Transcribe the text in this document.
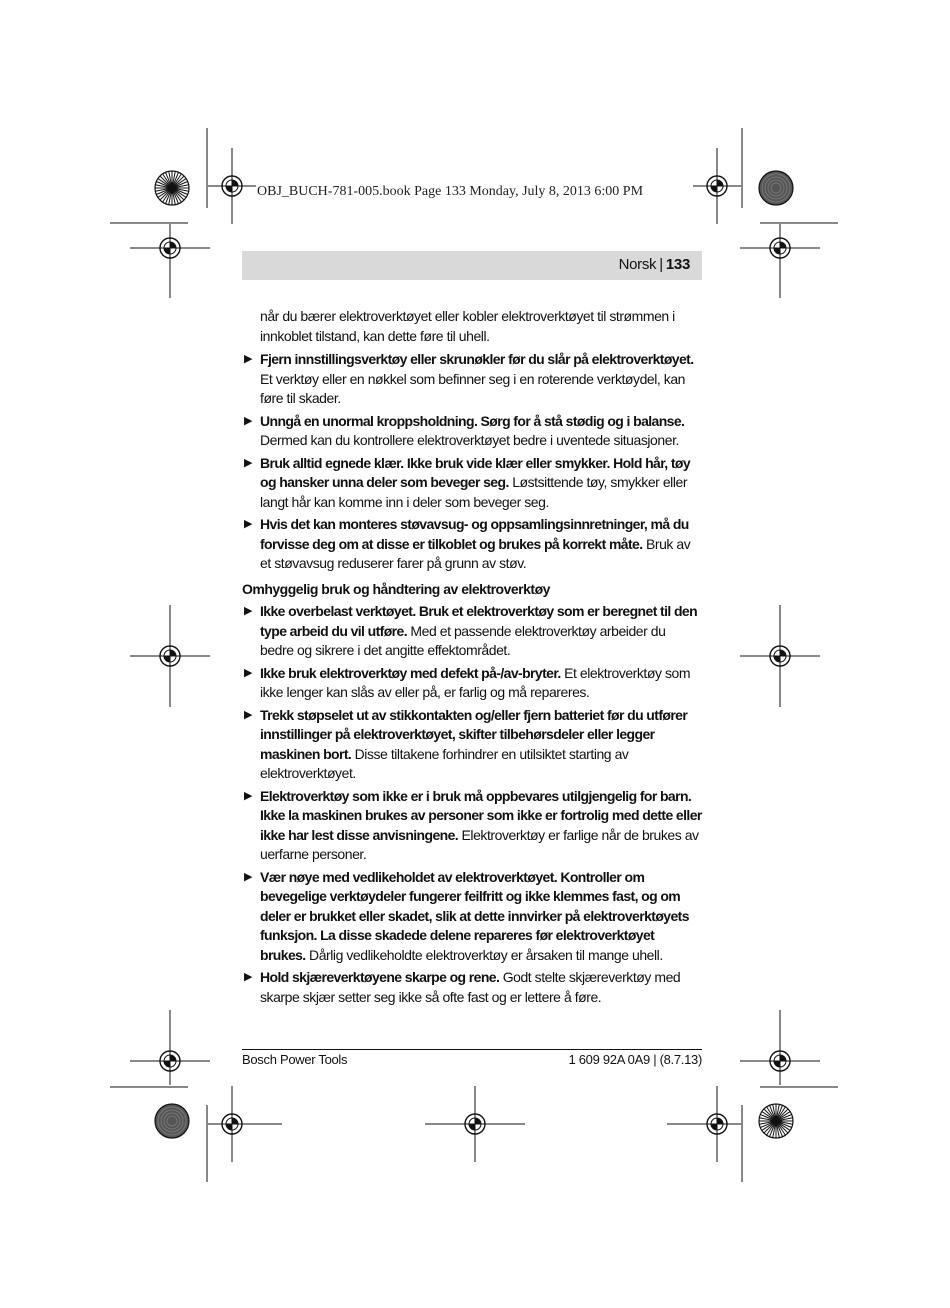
OBJ_BUCH-781-005.book Page 133 Monday, July 8, 2013 6:00 PM
Norsk | 133

når du bærer elektroverktøyet eller kobler elektroverktøyet til strømmen i innkoblet tilstand, kan dette føre til uhell.

▶ Fjern innstillingsverktøy eller skrunøkler før du slår på elektroverktøyet. Et verktøy eller en nøkkel som befinner seg i en roterende verktøydel, kan føre til skader.
▶ Unngå en unormal kroppsholdning. Sørg for å stå stødig og i balanse. Dermed kan du kontrollere elektroverktøyet bedre i uventede situasjoner.
▶ Bruk alltid egnede klær. Ikke bruk vide klær eller smykker. Hold hår, tøy og hansker unna deler som beveger seg. Løstsittende tøy, smykker eller langt hår kan komme inn i deler som beveger seg.
▶ Hvis det kan monteres støvavsug- og oppsamlingsinnretninger, må du forvisse deg om at disse er tilkoblet og brukes på korrekt måte. Bruk av et støvavsug reduserer farer på grunn av støv.
Omhyggelig bruk og håndtering av elektroverktøy
▶ Ikke overbelast verktøyet. Bruk et elektroverktøy som er beregnet til den type arbeid du vil utføre. Med et passende elektroverktøy arbeider du bedre og sikrere i det angitte effektområdet.
▶ Ikke bruk elektroverktøy med defekt på-/av-bryter. Et elektroverktøy som ikke lenger kan slås av eller på, er farlig og må repareres.
▶ Trekk støpselet ut av stikkontakten og/eller fjern batteriet før du utfører innstillinger på elektroverktøyet, skifter tilbehørsdeler eller legger maskinen bort. Disse tiltakene forhindrer en utilsiktet starting av elektroverktøyet.
▶ Elektroverktøy som ikke er i bruk må oppbevares utilgjengelig for barn. Ikke la maskinen brukes av personer som ikke er fortrolig med dette eller ikke har lest disse anvisningene. Elektroverktøy er farlige når de brukes av uerfarne personer.
▶ Vær nøye med vedlikeholdet av elektroverktøyet. Kontroller om bevegelige verktøydeler fungerer feilfritt og ikke klemmes fast, og om deler er brukket eller skadet, slik at dette innvirker på elektroverktøyets funksjon. La disse skadede delene repareres før elektroverktøyet brukes. Dårlig vedlikeholdte elektroverktøy er årsaken til mange uhell.
▶ Hold skjæreverktøyene skarpe og rene. Godt stelte skjæreverktøy med skarpe skjær setter seg ikke så ofte fast og er lettere å føre.
Bosch Power Tools	1 609 92A 0A9 | (8.7.13)
